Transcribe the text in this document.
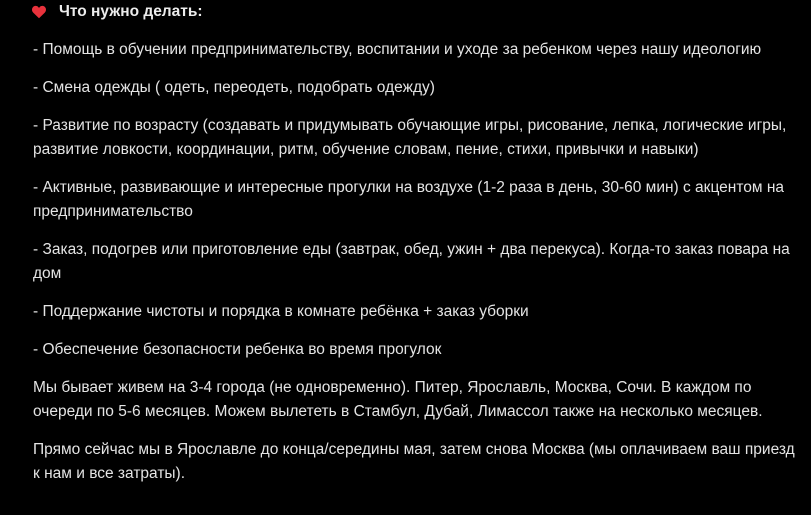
Что нужно делать:

- Помощь в обучении предпринимательству, воспитании и уходе за ребенком через нашу идеологию

- Смена одежды ( одеть, переодеть, подобрать одежду)

- Развитие по возрасту (создавать и придумывать обучающие игры, рисование, лепка, логические игры, развитие ловкости, координации, ритм, обучение словам, пение, стихи, привычки и навыки)

- Активные, развивающие и интересные прогулки на воздухе (1-2 раза в день, 30-60 мин) с акцентом на предпринимательство

- Заказ, подогрев или приготовление еды (завтрак, обед, ужин + два перекуса). Когда-то заказ повара на дом

- Поддержание чистоты и порядка в комнате ребёнка + заказ уборки

- Обеспечение безопасности ребенка во время прогулок

Мы бывает живем на 3-4 города (не одновременно). Питер, Ярославль, Москва, Сочи. В каждом по очереди по 5-6 месяцев. Можем вылететь в Стамбул, Дубай, Лимассол также на несколько месяцев.

Прямо сейчас мы в Ярославле до конца/середины мая, затем снова Москва (мы оплачиваем ваш приезд к нам и все затраты).
